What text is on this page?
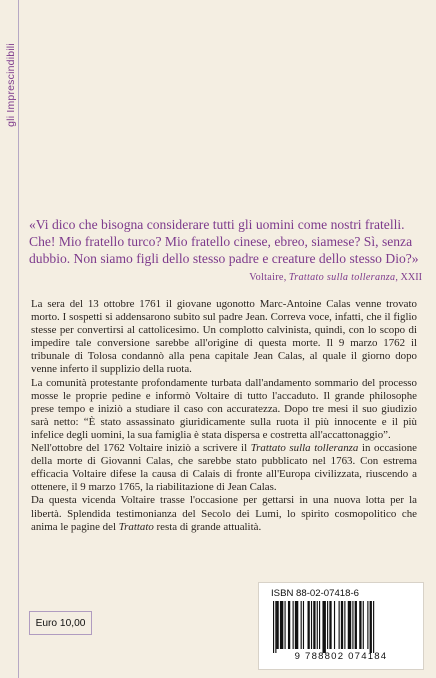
gli Imprescindibili

«Vi dico che bisogna considerare tutti gli uomini come nostri fratelli. Che! Mio fratello turco? Mio fratello cinese, ebreo, siamese? Sì, senza dubbio. Non siamo figli dello stesso padre e creature dello stesso Dio?»

Voltaire, Trattato sulla tolleranza, XXII

La sera del 13 ottobre 1761 il giovane ugonotto Marc-Antoine Calas venne trovato morto. I sospetti si addensarono subito sul padre Jean. Correva voce, infatti, che il figlio stesse per convertirsi al cattolicesimo. Un complotto calvinista, quindi, con lo scopo di impedire tale conversione sarebbe all'origine di questa morte. Il 9 marzo 1762 il tribunale di Tolosa condannò alla pena capitale Jean Calas, al quale il giorno dopo venne inferto il supplizio della ruota.

La comunità protestante profondamente turbata dall'andamento sommario del processo mosse le proprie pedine e informò Voltaire di tutto l'accaduto. Il grande philosophe prese tempo e iniziò a studiare il caso con accuratezza. Dopo tre mesi il suo giudizio sarà netto: “È stato assassinato giuridicamente sulla ruota il più innocente e il più infelice degli uomini, la sua famiglia è stata dispersa e costretta all'accattonaggio”.

Nell'ottobre del 1762 Voltaire iniziò a scrivere il Trattato sulla tolleranza in occasione della morte di Giovanni Calas, che sarebbe stato pubblicato nel 1763. Con estrema efficacia Voltaire difese la causa di Calais di fronte all'Europa civilizzata, riuscendo a ottenere, il 9 marzo 1765, la riabilitazione di Jean Calas.

Da questa vicenda Voltaire trasse l'occasione per gettarsi in una nuova lotta per la libertà. Splendida testimonianza del Secolo dei Lumi, lo spirito cosmopolitico che anima le pagine del Trattato resta di grande attualità.

Euro 10,00
ISBN 88-02-07418-6
9 788802 074184
